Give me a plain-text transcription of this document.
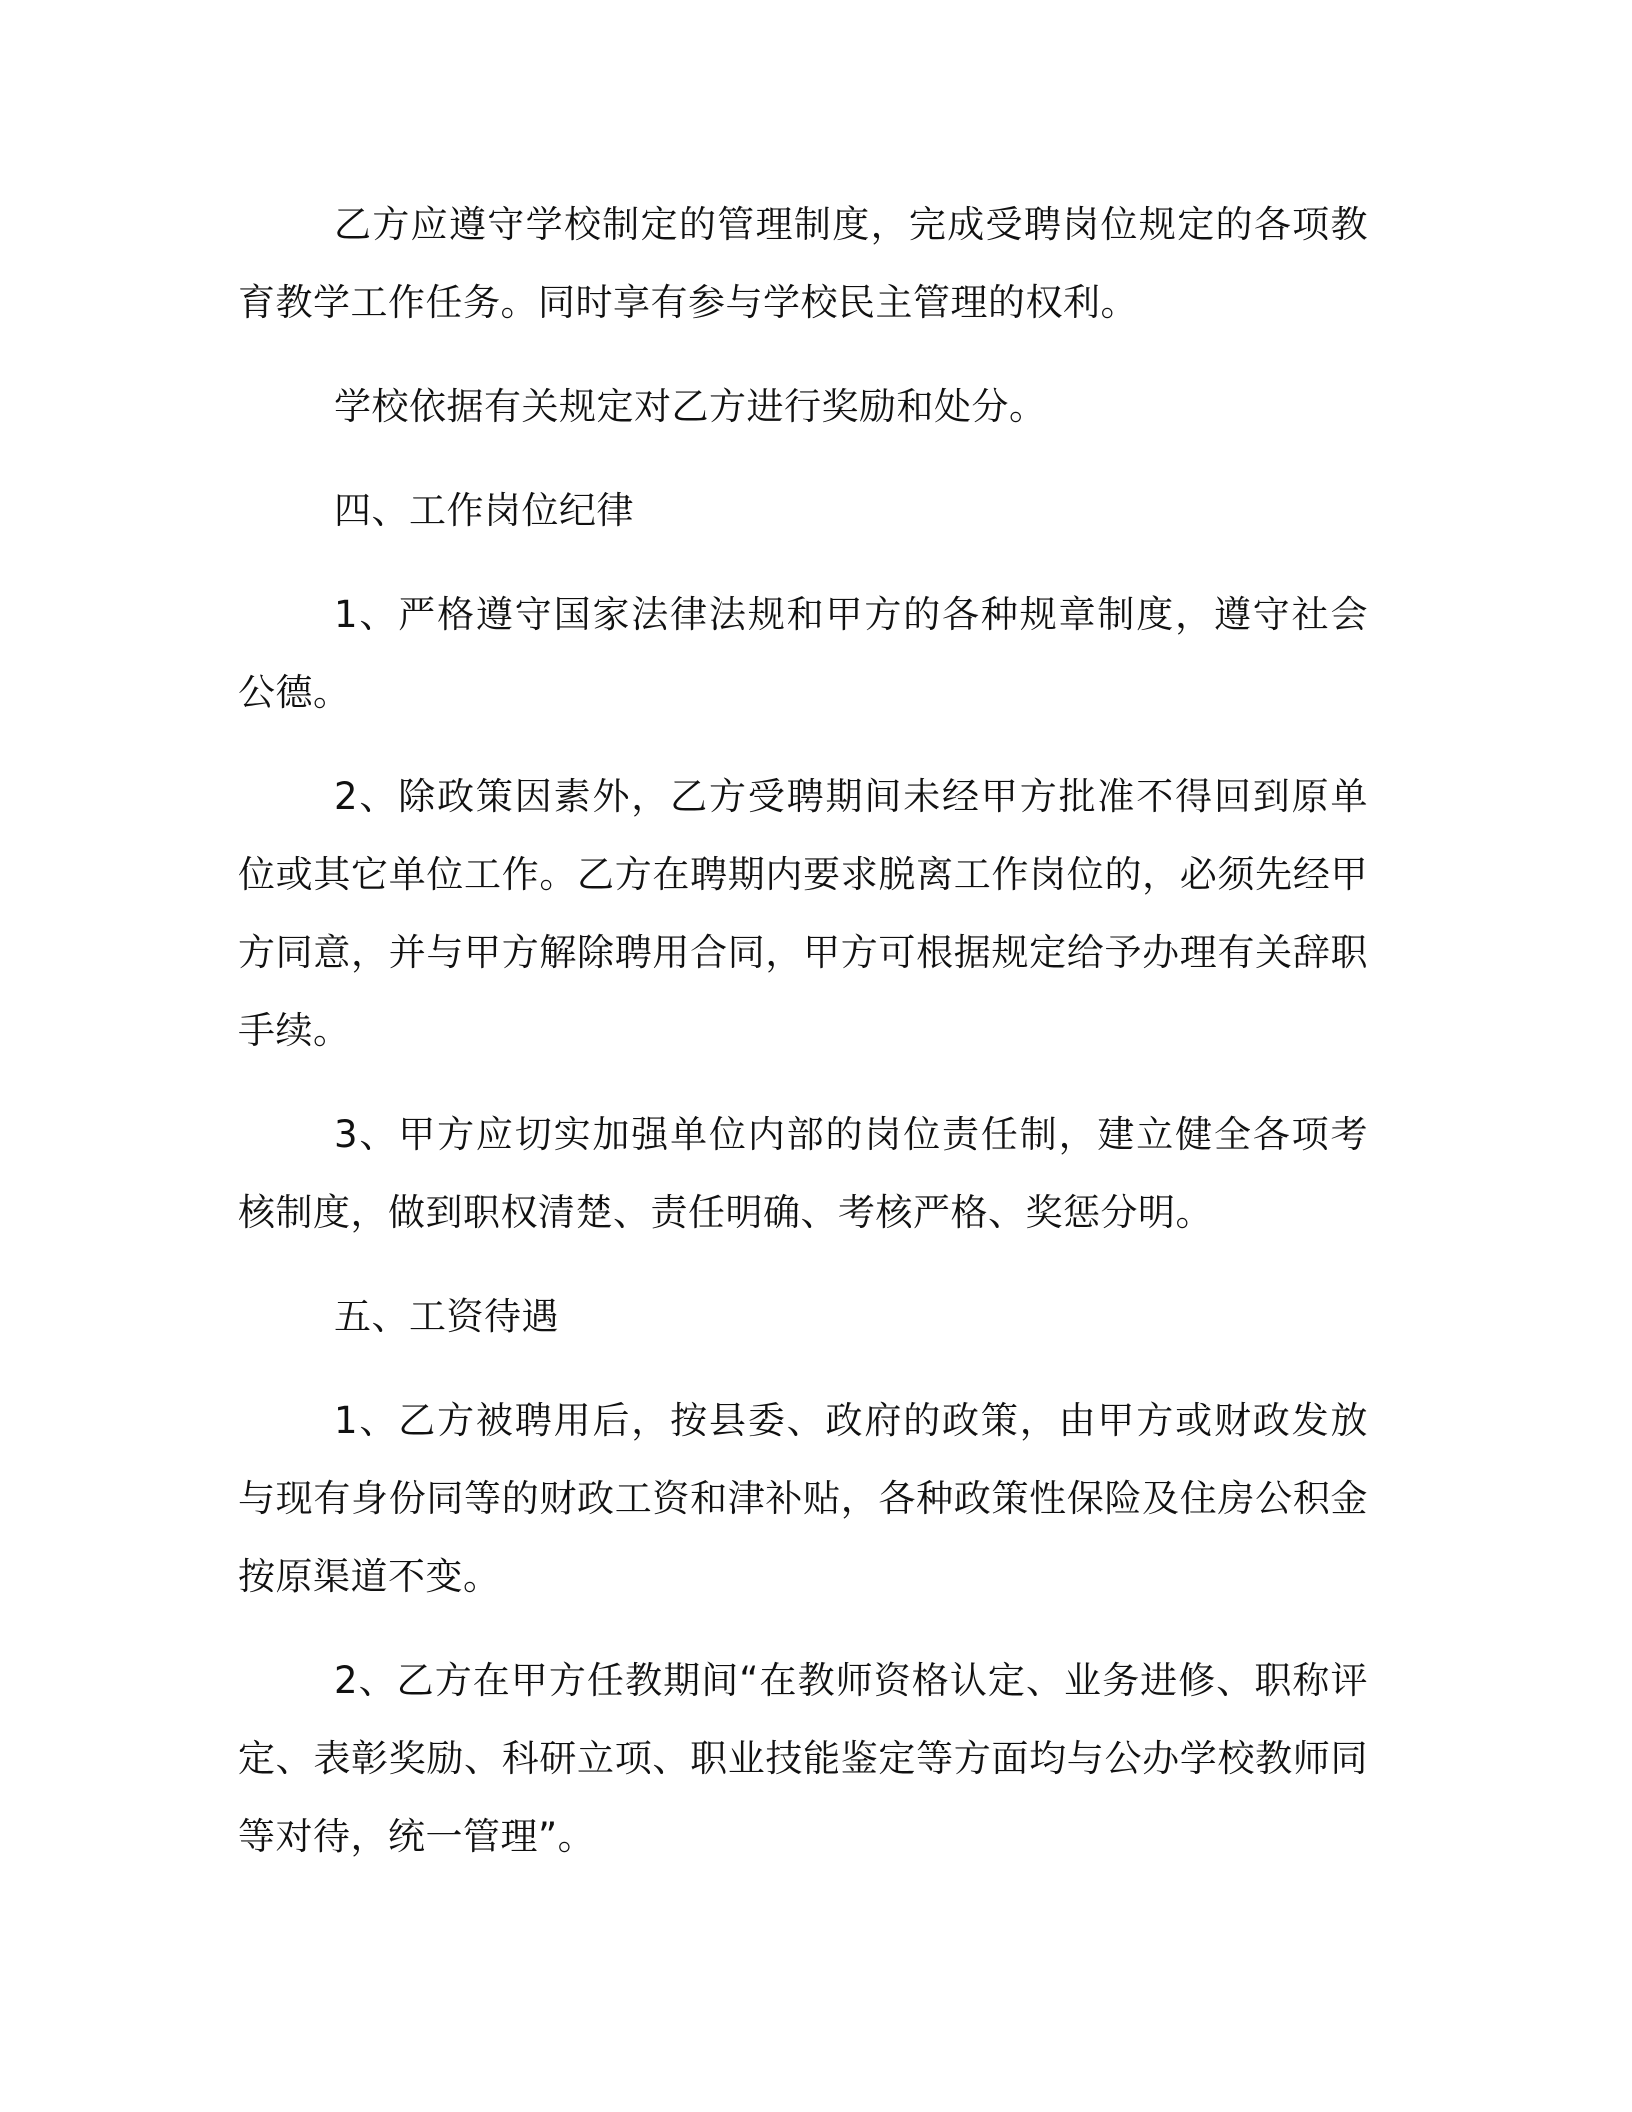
乙方应遵守学校制定的管理制度，完成受聘岗位规定的各项教育教学工作任务。同时享有参与学校民主管理的权利。

学校依据有关规定对乙方进行奖励和处分。

四、工作岗位纪律

1、严格遵守国家法律法规和甲方的各种规章制度，遵守社会公德。

2、除政策因素外，乙方受聘期间未经甲方批准不得回到原单位或其它单位工作。乙方在聘期内要求脱离工作岗位的，必须先经甲方同意，并与甲方解除聘用合同，甲方可根据规定给予办理有关辞职手续。

3、甲方应切实加强单位内部的岗位责任制，建立健全各项考核制度，做到职权清楚、责任明确、考核严格、奖惩分明。

五、工资待遇

1、乙方被聘用后，按县委、政府的政策，由甲方或财政发放与现有身份同等的财政工资和津补贴，各种政策性保险及住房公积金按原渠道不变。

2、乙方在甲方任教期间“在教师资格认定、业务进修、职称评定、表彰奖励、科研立项、职业技能鉴定等方面均与公办学校教师同等对待，统一管理”。
